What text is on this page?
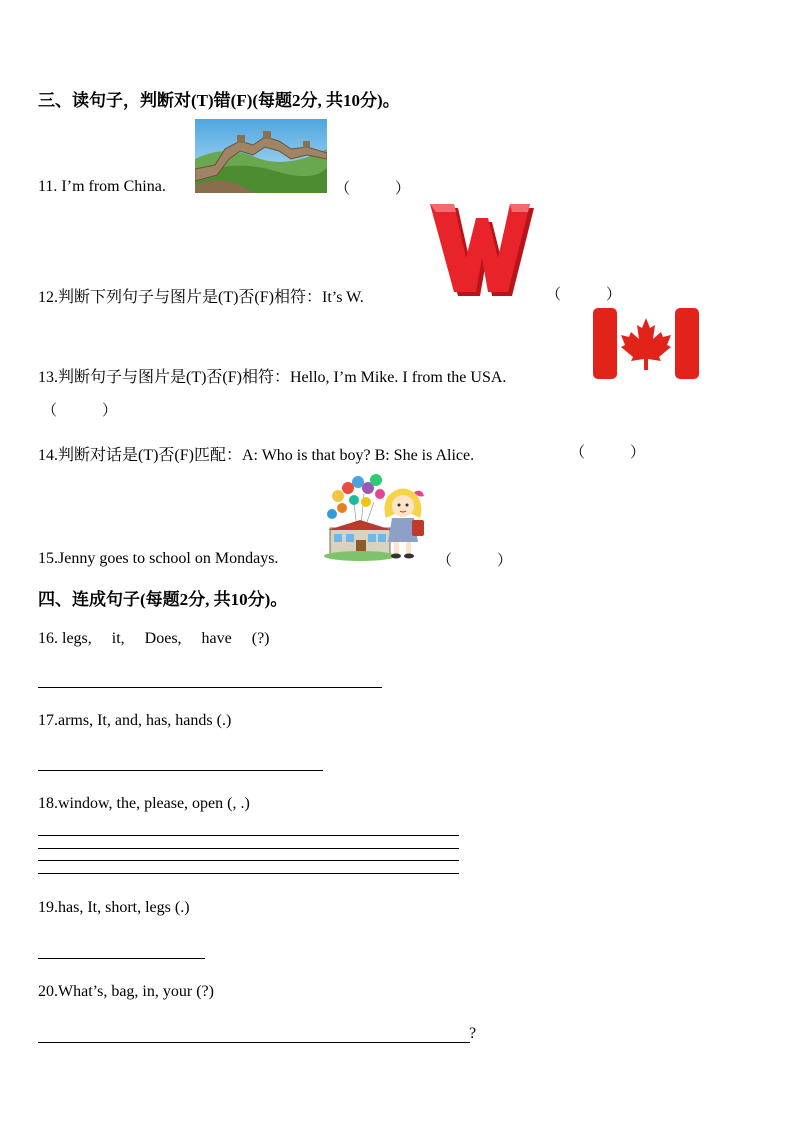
三、读句子，判断对(T)错(F)(每题2分, 共10分)。
11. I’m from China.	（　　　）
12.判断下列句子与图片是(T)否(F)相符：It’s W.	（　　　）
13.判断句子与图片是(T)否(F)相符：Hello, I’m Mike. I from the USA.
（　　　）
14.判断对话是(T)否(F)匹配：A: Who is that boy? B: She is Alice.	（　　　）
15.Jenny goes to school on Mondays.	（　　　）
四、连成句子(每题2分, 共10分)。
16. legs,     it,     Does,     have     (?)
17.arms, It, and, has, hands (.)
18.window, the, please, open (, .)
19.has, It, short, legs (.)
20.What’s, bag, in, your (?)
?
